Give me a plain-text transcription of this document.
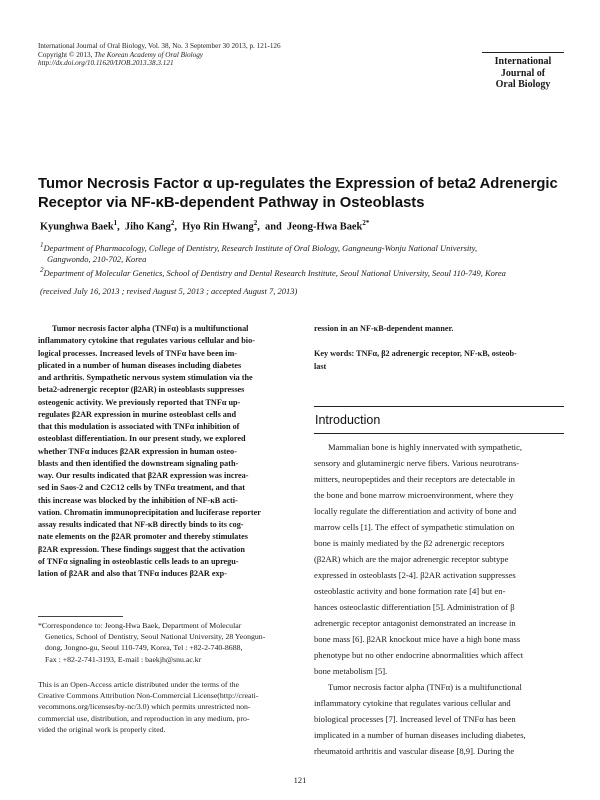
International Journal of Oral Biology, Vol. 38, No. 3 September 30 2013, p. 121-126
Copyright © 2013, The Korean Academy of Oral Biology
http://dx.doi.org/10.11620/IJOB.2013.38.3.121	International
Journal of
Oral Biology
Tumor Necrosis Factor α up-regulates the Expression of beta2 Adrenergic
Receptor via NF-κB-dependent Pathway in Osteoblasts
Kyunghwa Baek$^1$,  Jiho Kang$^2$,  Hyo Rin Hwang$^2$,  and Jeong-Hwa Baek$^{2*}$
$^1$Department of Pharmacology, College of Dentistry, Research Institute of Oral Biology, Gangneung-Wonju National University,
Gangwondo, 210-702, Korea
$^2$Department of Molecular Genetics, School of Dentistry and Dental Research Institute, Seoul National University, Seoul 110-749, Korea
(received July 16, 2013 ; revised August 5, 2013 ; accepted August 7, 2013)
Tumor necrosis factor alpha (TNFα) is a multifunctional
inflammatory cytokine that regulates various cellular and bio-
logical processes. Increased levels of TNFα have been im-
plicated in a number of human diseases including diabetes
and arthritis. Sympathetic nervous system stimulation via the
beta2-adrenergic receptor (β2AR) in osteoblasts suppresses
osteogenic activity. We previously reported that TNFα up-
regulates β2AR expression in murine osteoblast cells and
that this modulation is associated with TNFα inhibition of
osteoblast differentiation. In our present study, we explored
whether TNFα induces β2AR expression in human osteo-
blasts and then identified the downstream signaling path-
way. Our results indicated that β2AR expression was increa-
sed in Saos-2 and C2C12 cells by TNFα treatment, and that
this increase was blocked by the inhibition of NF-κB acti-
vation. Chromatin immunoprecipitation and luciferase reporter
assay results indicated that NF-κB directly binds to its cog-
nate elements on the β2AR promoter and thereby stimulates
β2AR expression. These findings suggest that the activation
of TNFα signaling in osteoblastic cells leads to an upregu-
lation of β2AR and also that TNFα induces β2AR exp-
ression in an NF-κB-dependent manner.
Key words: TNFα, β2 adrenergic receptor, NF-κB, osteob-
last
Introduction
Mammalian bone is highly innervated with sympathetic,
sensory and glutaminergic nerve fibers. Various neurotrans-
mitters, neuropeptides and their receptors are detectable in
the bone and bone marrow microenvironment, where they
locally regulate the differentiation and activity of bone and
marrow cells [1]. The effect of sympathetic stimulation on
bone is mainly mediated by the β2 adrenergic receptors
(β2AR) which are the major adrenergic receptor subtype
expressed in osteoblasts [2-4]. β2AR activation suppresses
osteoblastic activity and bone formation rate [4] but en-
hances osteoclastic differentiation [5]. Administration of β
adrenergic receptor antagonist demonstrated an increase in
bone mass [6]. β2AR knockout mice have a high bone mass
phenotype but no other endocrine abnormalities which affect
bone metabolism [5].
Tumor necrosis factor alpha (TNFα) is a multifunctional
inflammatory cytokine that regulates various cellular and
biological processes [7]. Increased level of TNFα has been
implicated in a number of human diseases including diabetes,
rheumatoid arthritis and vascular disease [8,9]. During the
*Correspondence to: Jeong-Hwa Baek, Department of Molecular
Genetics, School of Dentistry, Seoul National University, 28 Yeongun-
dong, Jongno-gu, Seoul 110-749, Korea, Tel : +82-2-740-8688,
Fax : +82-2-741-3193, E-mail : baekjh@snu.ac.kr
This is an Open-Access article distributed under the terms of the
Creative Commons Attribution Non-Commercial License(http://creati-
vecommons.org/licenses/by-nc/3.0) which permits unrestricted non-
commercial use, distribution, and reproduction in any medium, pro-
vided the original work is properly cited.
121
